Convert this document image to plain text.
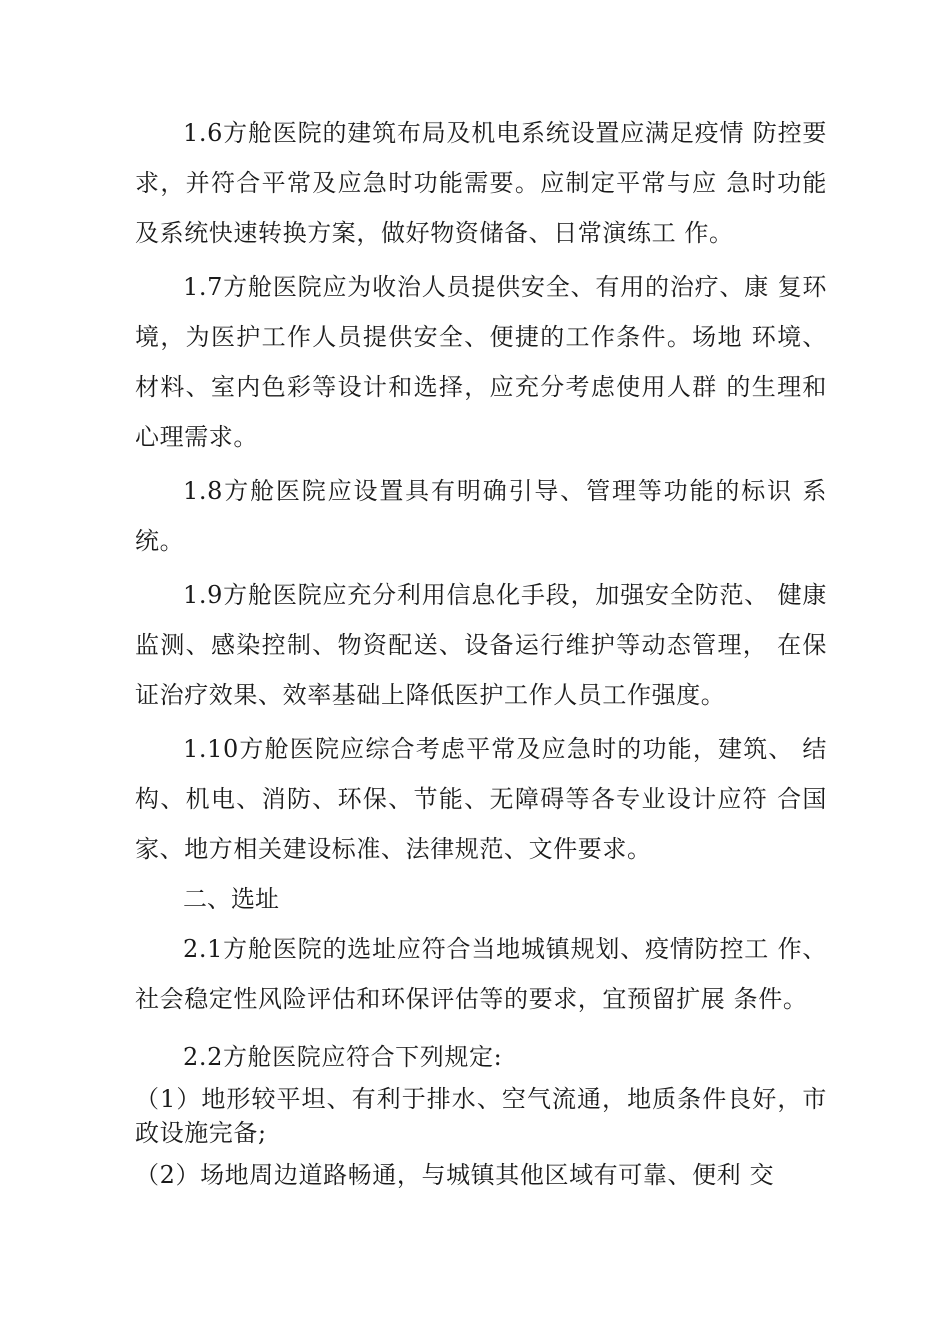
1.6方舱医院的建筑布局及机电系统设置应满足疫情 防控要求，并符合平常及应急时功能需要。应制定平常与应 急时功能及系统快速转换方案，做好物资储备、日常演练工 作。

1.7方舱医院应为收治人员提供安全、有用的治疗、康 复环境，为医护工作人员提供安全、便捷的工作条件。场地 环境、材料、室内色彩等设计和选择，应充分考虑使用人群 的生理和心理需求。

1.8方舱医院应设置具有明确引导、管理等功能的标识 系统。

1.9方舱医院应充分利用信息化手段，加强安全防范、 健康监测、感染控制、物资配送、设备运行维护等动态管理， 在保证治疗效果、效率基础上降低医护工作人员工作强度。

1.10方舱医院应综合考虑平常及应急时的功能，建筑、 结构、机电、消防、环保、节能、无障碍等各专业设计应符 合国家、地方相关建设标准、法律规范、文件要求。

二、选址

2.1方舱医院的选址应符合当地城镇规划、疫情防控工 作、社会稳定性风险评估和环保评估等的要求，宜预留扩展 条件。

2.2方舱医院应符合下列规定:

（1）地形较平坦、有利于排水、空气流通，地质条件良好，市政设施完备;

（2）场地周边道路畅通，与城镇其他区域有可靠、便利 交
